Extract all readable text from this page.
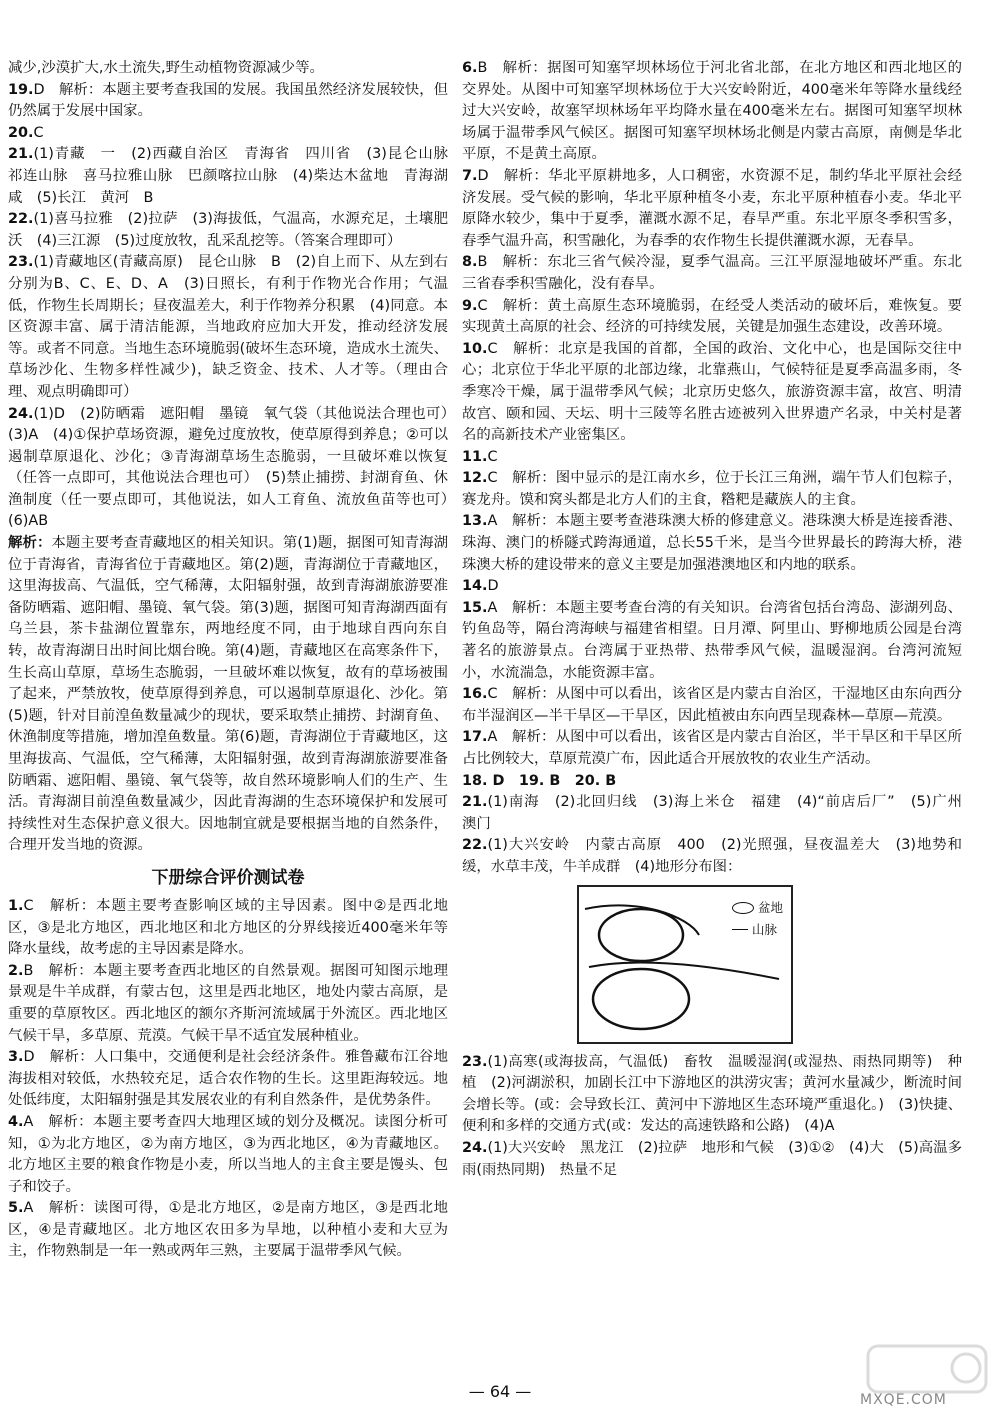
减少,沙漠扩大,水土流失,野生动植物资源减少等。

19.D　解析：本题主要考查我国的发展。我国虽然经济发展较快，但仍然属于发展中国家。

20.C

21.(1)青藏　一　(2)西藏自治区　青海省　四川省　(3)昆仑山脉　祁连山脉　喜马拉雅山脉　巴颜喀拉山脉　(4)柴达木盆地　青海湖　咸　(5)长江　黄河　B

22.(1)喜马拉雅　(2)拉萨　(3)海拔低，气温高，水源充足，土壤肥沃　(4)三江源　(5)过度放牧，乱采乱挖等。（答案合理即可）

23.(1)青藏地区(青藏高原)　昆仑山脉　B　(2)自上而下、从左到右分别为B、C、E、D、A　(3)日照长，有利于作物光合作用；气温低，作物生长周期长；昼夜温差大，利于作物养分积累　(4)同意。本区资源丰富、属于清洁能源，当地政府应加大开发，推动经济发展等。或者不同意。当地生态环境脆弱(破坏生态环境，造成水土流失、草场沙化、生物多样性减少)，缺乏资金、技术、人才等。（理由合理、观点明确即可）

24.(1)D　(2)防晒霜　遮阳帽　墨镜　氧气袋（其他说法合理也可）　(3)A　(4)①保护草场资源，避免过度放牧，使草原得到养息；②可以遏制草原退化、沙化；③青海湖草场生态脆弱，一旦破坏难以恢复（任答一点即可，其他说法合理也可）　(5)禁止捕捞、封湖育鱼、休渔制度（任一要点即可，其他说法，如人工育鱼、流放鱼苗等也可）　(6)AB

解析：本题主要考查青藏地区的相关知识。第(1)题，据图可知青海湖位于青海省，青海省位于青藏地区。第(2)题，青海湖位于青藏地区，这里海拔高、气温低，空气稀薄，太阳辐射强，故到青海湖旅游要准备防晒霜、遮阳帽、墨镜、氧气袋。第(3)题，据图可知青海湖西面有乌兰县，茶卡盐湖位置靠东，两地经度不同，由于地球自西向东自转，故青海湖日出时间比烟台晚。第(4)题，青藏地区在高寒条件下，生长高山草原，草场生态脆弱，一旦破坏难以恢复，故有的草场被围了起来，严禁放牧，使草原得到养息，可以遏制草原退化、沙化。第(5)题，针对目前湟鱼数量减少的现状，要采取禁止捕捞、封湖育鱼、休渔制度等措施，增加湟鱼数量。第(6)题，青海湖位于青藏地区，这里海拔高、气温低，空气稀薄，太阳辐射强，故到青海湖旅游要准备防晒霜、遮阳帽、墨镜、氧气袋等，故自然环境影响人们的生产、生活。青海湖目前湟鱼数量减少，因此青海湖的生态环境保护和发展可持续性对生态保护意义很大。因地制宜就是要根据当地的自然条件，合理开发当地的资源。

下册综合评价测试卷

1.C　解析：本题主要考查影响区域的主导因素。图中②是西北地区，③是北方地区，西北地区和北方地区的分界线接近400毫米年等降水量线，故考虑的主导因素是降水。

2.B　解析：本题主要考查西北地区的自然景观。据图可知图示地理景观是牛羊成群，有蒙古包，这里是西北地区，地处内蒙古高原，是重要的草原牧区。西北地区的额尔齐斯河流域属于外流区。西北地区气候干旱，多草原、荒漠。气候干旱不适宜发展种植业。

3.D　解析：人口集中，交通便利是社会经济条件。雅鲁藏布江谷地海拔相对较低，水热较充足，适合农作物的生长。这里距海较远。地处低纬度，太阳辐射强是其发展农业的有利自然条件，是优势条件。

4.A　解析：本题主要考查四大地理区域的划分及概况。读图分析可知，①为北方地区，②为南方地区，③为西北地区，④为青藏地区。北方地区主要的粮食作物是小麦，所以当地人的主食主要是馒头、包子和饺子。

5.A　解析：读图可得，①是北方地区，②是南方地区，③是西北地区，④是青藏地区。北方地区农田多为旱地，以种植小麦和大豆为主，作物熟制是一年一熟或两年三熟，主要属于温带季风气候。

6.B　解析：据图可知塞罕坝林场位于河北省北部，在北方地区和西北地区的交界处。从图中可知塞罕坝林场位于大兴安岭附近，400毫米年等降水量线经过大兴安岭，故塞罕坝林场年平均降水量在400毫米左右。据图可知塞罕坝林场属于温带季风气候区。据图可知塞罕坝林场北侧是内蒙古高原，南侧是华北平原，不是黄土高原。

7.D　解析：华北平原耕地多，人口稠密，水资源不足，制约华北平原社会经济发展。受气候的影响，华北平原种植冬小麦，东北平原种植春小麦。华北平原降水较少，集中于夏季，灌溉水源不足，春旱严重。东北平原冬季积雪多，春季气温升高，积雪融化，为春季的农作物生长提供灌溉水源，无春旱。

8.B　解析：东北三省气候冷湿，夏季气温高。三江平原湿地破坏严重。东北三省春季积雪融化，没有春旱。

9.C　解析：黄土高原生态环境脆弱，在经受人类活动的破坏后，难恢复。要实现黄土高原的社会、经济的可持续发展，关键是加强生态建设，改善环境。

10.C　解析：北京是我国的首都，全国的政治、文化中心，也是国际交往中心；北京位于华北平原的北部边缘，北靠燕山，气候特征是夏季高温多雨，冬季寒冷干燥，属于温带季风气候；北京历史悠久，旅游资源丰富，故宫、明清故宫、颐和园、天坛、明十三陵等名胜古迹被列入世界遗产名录，中关村是著名的高新技术产业密集区。

11.C

12.C　解析：图中显示的是江南水乡，位于长江三角洲，端午节人们包粽子，赛龙舟。馍和窝头都是北方人们的主食，糌粑是藏族人的主食。

13.A　解析：本题主要考查港珠澳大桥的修建意义。港珠澳大桥是连接香港、珠海、澳门的桥隧式跨海通道，总长55千米，是当今世界最长的跨海大桥，港珠澳大桥的建设带来的意义主要是加强港澳地区和内地的联系。

14.D

15.A　解析：本题主要考查台湾的有关知识。台湾省包括台湾岛、澎湖列岛、钓鱼岛等，隔台湾海峡与福建省相望。日月潭、阿里山、野柳地质公园是台湾著名的旅游景点。台湾属于亚热带、热带季风气候，温暖湿润。台湾河流短小，水流湍急，水能资源丰富。

16.C　解析：从图中可以看出，该省区是内蒙古自治区，干湿地区由东向西分布半湿润区—半干旱区—干旱区，因此植被由东向西呈现森林—草原—荒漠。

17.A　解析：从图中可以看出，该省区是内蒙古自治区，半干旱区和干旱区所占比例较大，草原荒漠广布，因此适合开展放牧的农业生产活动。

18. D　19. B　20. B

21.(1)南海　(2)北回归线　(3)海上米仓　福建　(4)“前店后厂”　(5)广州　澳门

22.(1)大兴安岭　内蒙古高原　400　(2)光照强，昼夜温差大　(3)地势和缓，水草丰茂，牛羊成群　(4)地形分布图：

盆地
山脉

23.(1)高寒(或海拔高，气温低)　畜牧　温暖湿润(或湿热、雨热同期等)　种植　(2)河湖淤积，加剧长江中下游地区的洪涝灾害；黄河水量减少，断流时间会增长等。(或：会导致长江、黄河中下游地区生态环境严重退化。)　(3)快捷、便利和多样的交通方式(或：发达的高速铁路和公路)　(4)A

24.(1)大兴安岭　黑龙江　(2)拉萨　地形和气候　(3)①②　(4)大　(5)高温多雨(雨热同期)　热量不足

— 64 —	MXQE.COM
